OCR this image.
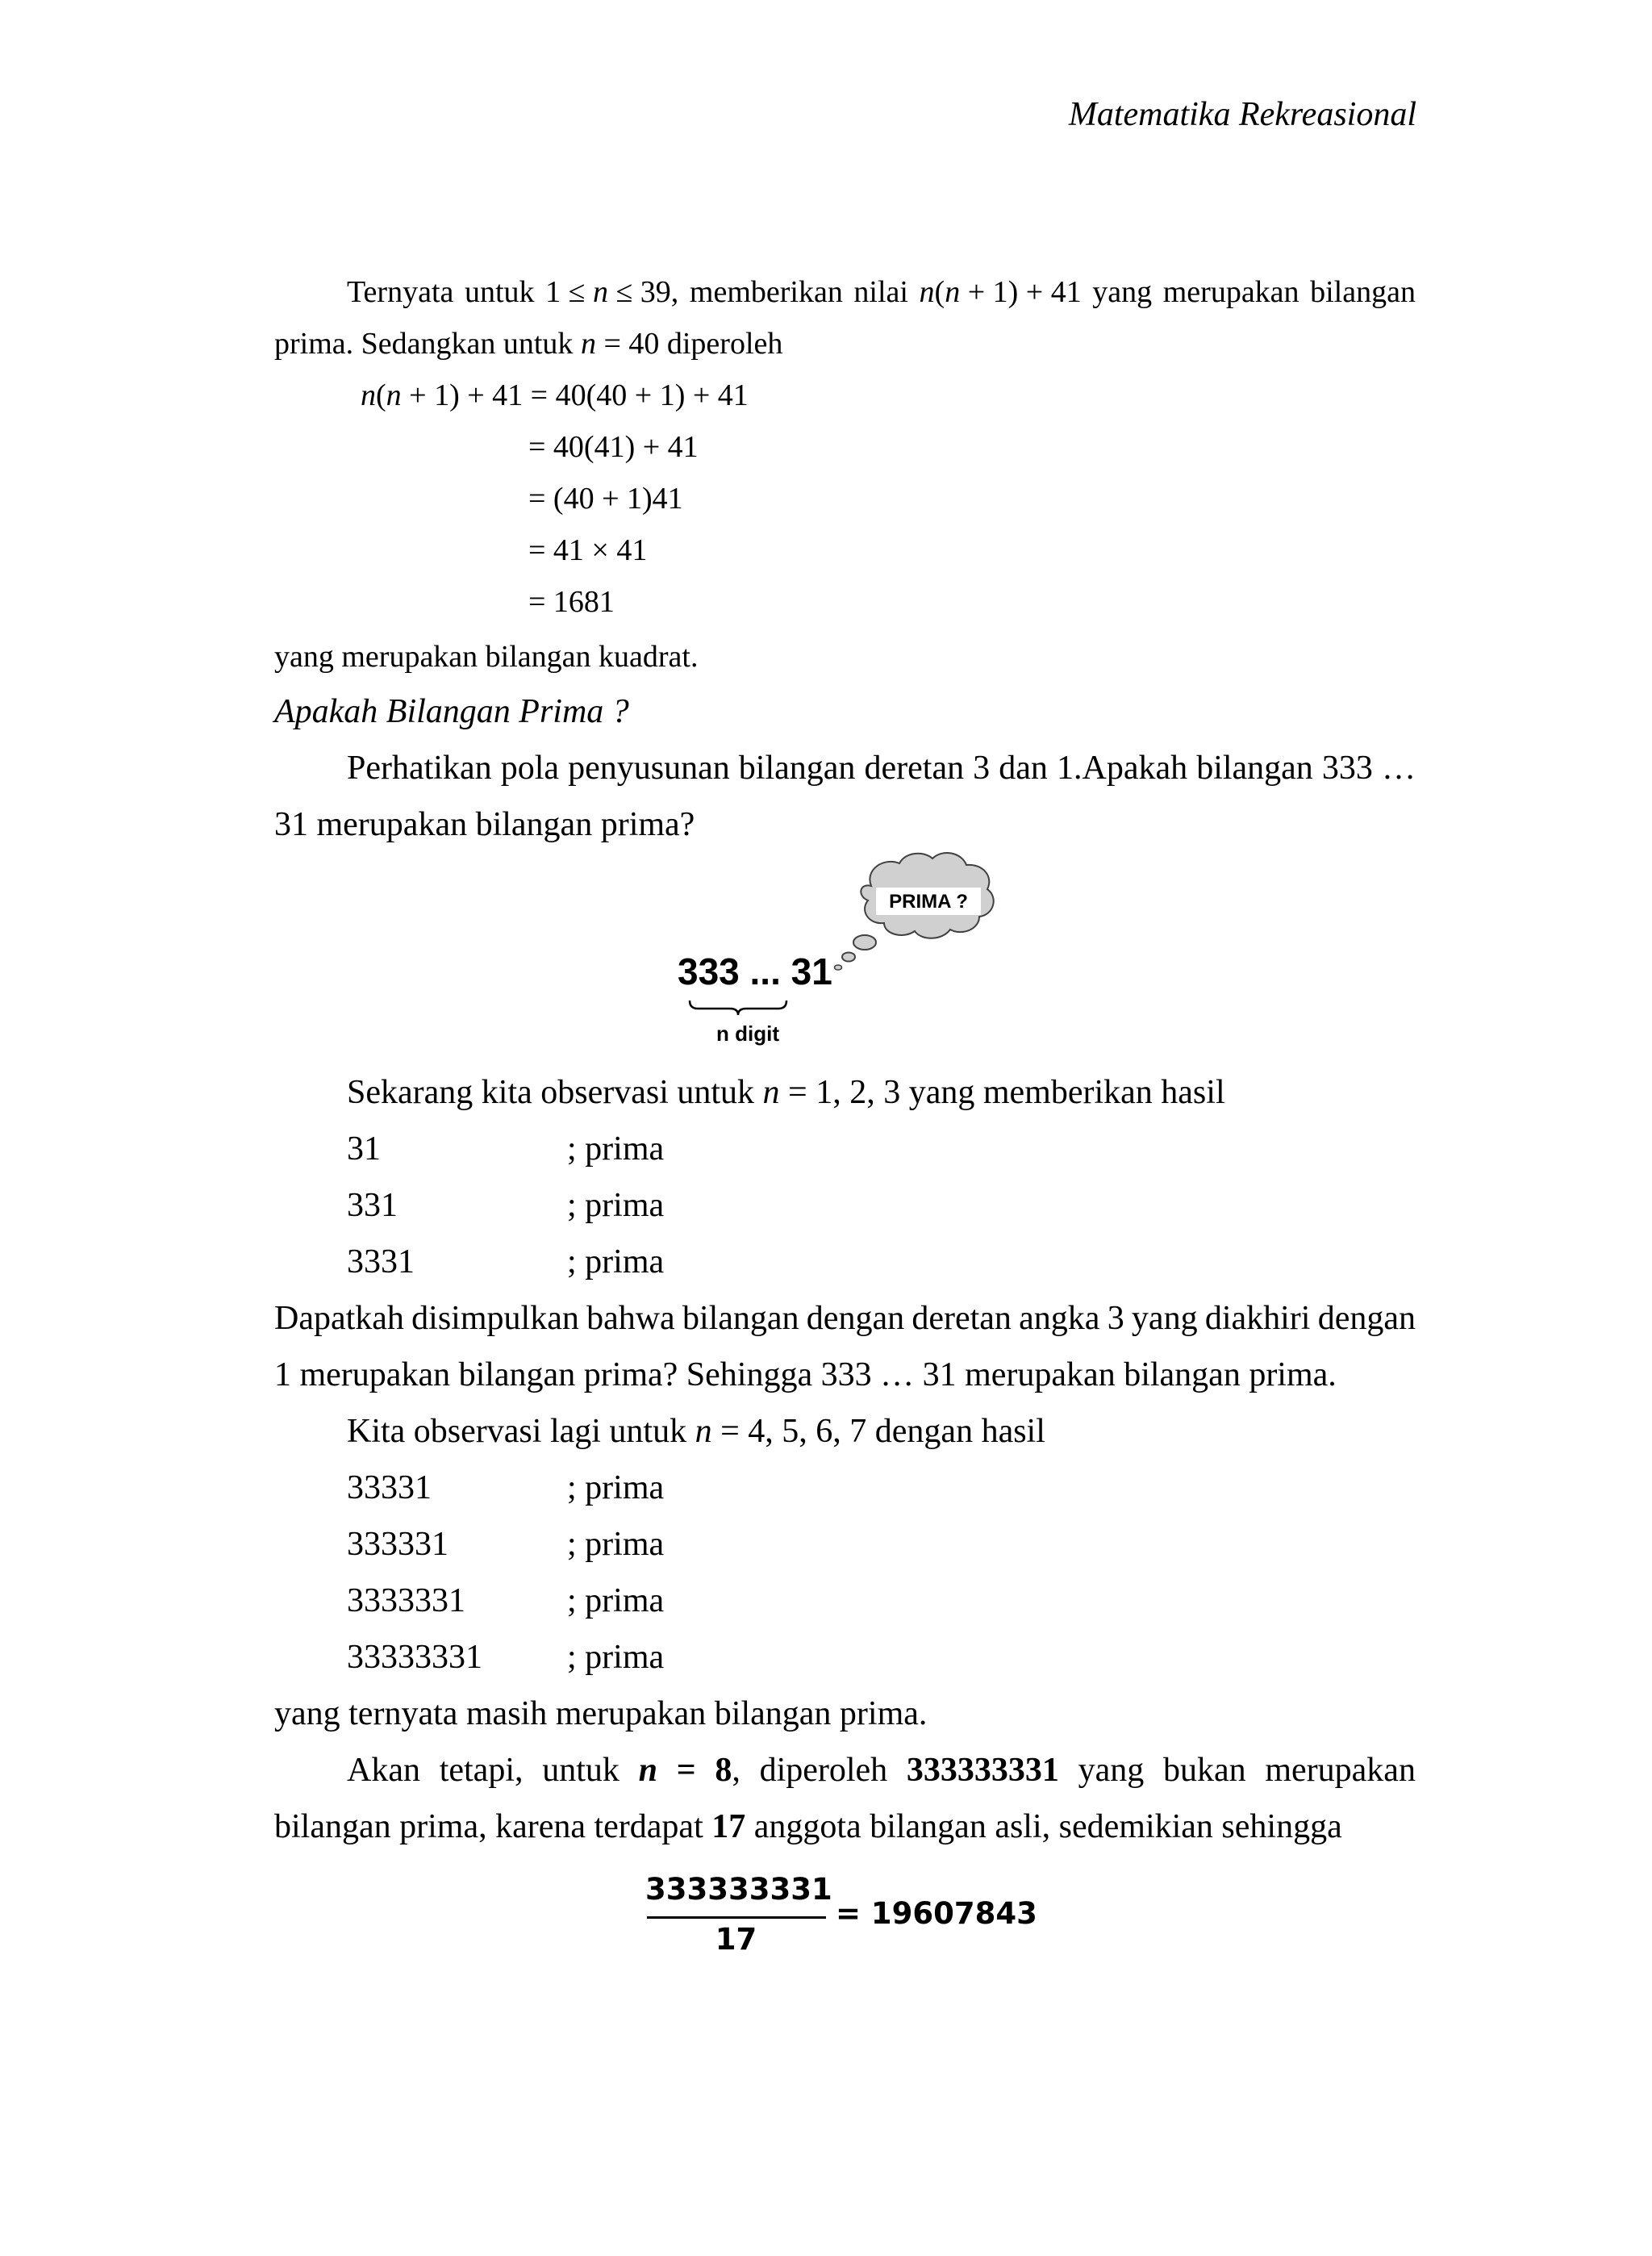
Matematika Rekreasional
Ternyata untuk 1 ≤ n ≤ 39, memberikan nilai n(n + 1) + 41 yang merupakan bilangan
prima. Sedangkan untuk n = 40 diperoleh
n(n + 1) + 41 = 40(40 + 1) + 41
= 40(41) + 41
= (40 + 1)41
= 41 × 41
= 1681
yang merupakan bilangan kuadrat.
Apakah Bilangan Prima ?
Perhatikan pola penyusunan bilangan deretan 3 dan 1.Apakah bilangan 333 …
31 merupakan bilangan prima?
PRIMA ?
333 ... 31
n digit
Sekarang kita observasi untuk n = 1, 2, 3 yang memberikan hasil
31	; prima
331	; prima
3331	; prima
Dapatkah disimpulkan bahwa bilangan dengan deretan angka 3 yang diakhiri dengan
1 merupakan bilangan prima? Sehingga 333 … 31 merupakan bilangan prima.
Kita observasi lagi untuk n = 4, 5, 6, 7 dengan hasil
33331	; prima
333331	; prima
3333331	; prima
33333331	; prima
yang ternyata masih merupakan bilangan prima.
Akan tetapi, untuk n = 8, diperoleh 333333331 yang bukan merupakan
bilangan prima, karena terdapat 17 anggota bilangan asli, sedemikian sehingga
333333331
17
= 19607843
